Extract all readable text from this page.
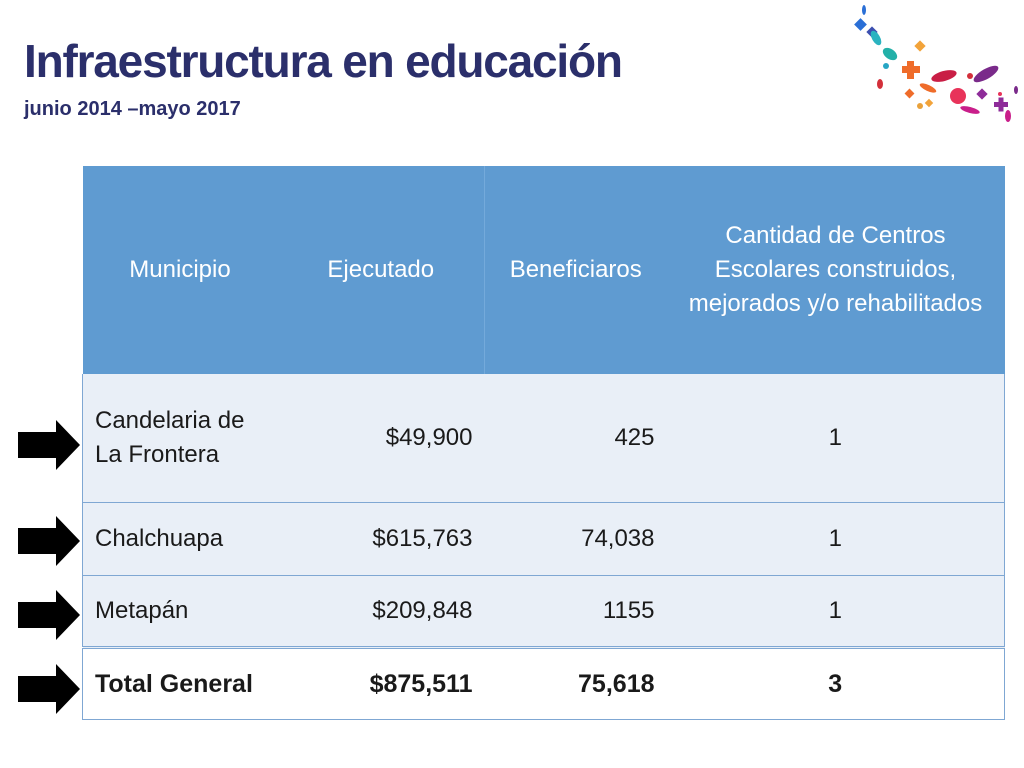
Infraestructura en educación
junio 2014 –mayo 2017
Municipio	Ejecutado	Beneficiaros	Cantidad de Centros Escolares construidos, mejorados y/o rehabilitados
Candelaria de La Frontera	$49,900	425	1
Chalchuapa	$615,763	74,038	1
Metapán	$209,848	1155	1
Total General	$875,511	75,618	3
